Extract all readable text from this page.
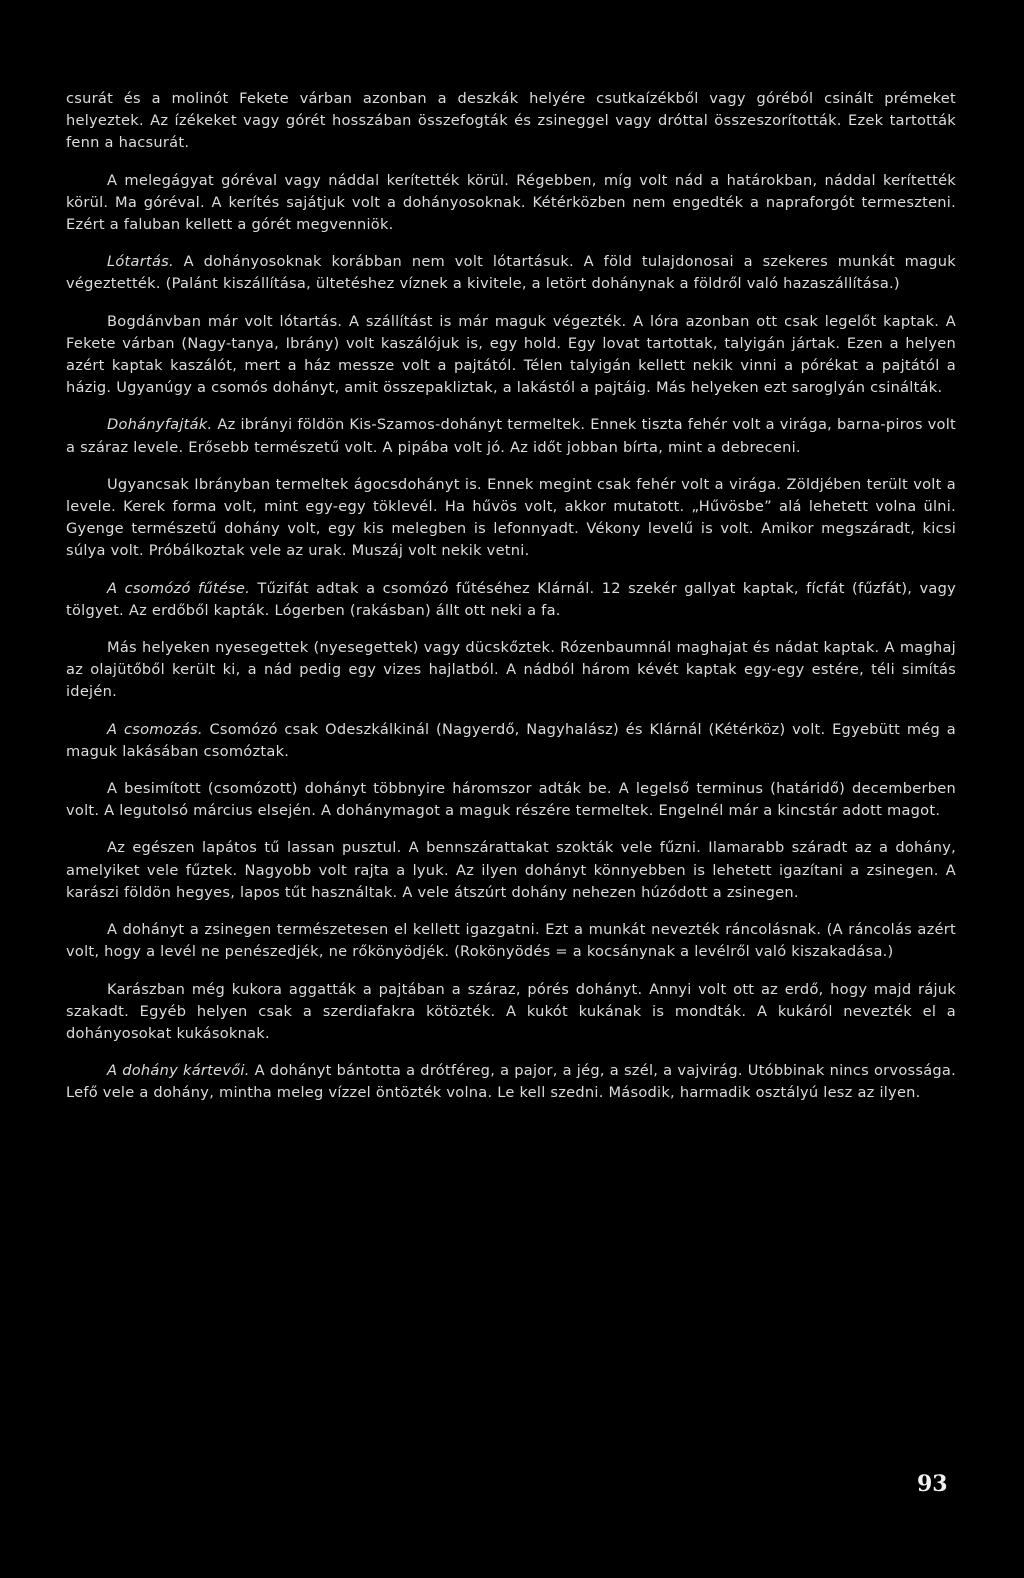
csurát és a molinót Fekete várban azonban a deszkák helyére csutkaízékből vagy góréból csinált prémeket helyeztek. Az ízékeket vagy górét hosszában összefogták és zsineggel vagy dróttal összeszorították. Ezek tartották fenn a hacsurát.

A melegágyat góréval vagy náddal kerítették körül. Régebben, míg volt nád a határokban, náddal kerítették körül. Ma góréval. A kerítés sajátjuk volt a dohányosoknak. Kétérközben nem engedték a napraforgót termeszteni. Ezért a faluban kellett a górét megvenniök.

Lótartás. A dohányosoknak korábban nem volt lótartásuk. A föld tulajdonosai a szekeres munkát maguk végeztették. (Palánt kiszállítása, ültetéshez víznek a kivitele, a letört dohánynak a földről való hazaszállítása.)

Bogdánvban már volt lótartás. A szállítást is már maguk végezték. A lóra azonban ott csak legelőt kaptak. A Fekete várban (Nagy-tanya, Ibrány) volt kaszálójuk is, egy hold. Egy lovat tartottak, talyigán jártak. Ezen a helyen azért kaptak kaszálót, mert a ház messze volt a pajtától. Télen talyigán kellett nekik vinni a pórékat a pajtától a házig. Ugyanúgy a csomós dohányt, amit összepakliztak, a lakástól a pajtáig. Más helyeken ezt saroglyán csinálták.

Dohányfajták. Az ibrányi földön Kis-Szamos-dohányt termeltek. Ennek tiszta fehér volt a virága, barna-piros volt a száraz levele. Erősebb természetű volt. A pipába volt jó. Az időt jobban bírta, mint a debreceni.

Ugyancsak Ibrányban termeltek ágocsdohányt is. Ennek megint csak fehér volt a virága. Zöldjében terült volt a levele. Kerek forma volt, mint egy-egy töklevél. Ha hűvös volt, akkor mutatott. „Hűvösbe” alá lehetett volna ülni. Gyenge természetű dohány volt, egy kis melegben is lefonnyadt. Vékony levelű is volt. Amikor megszáradt, kicsi súlya volt. Próbálkoztak vele az urak. Muszáj volt nekik vetni.

A csomózó fűtése. Tűzifát adtak a csomózó fűtéséhez Klárnál. 12 szekér gallyat kaptak, fícfát (fűzfát), vagy tölgyet. Az erdőből kapták. Lógerben (rakásban) állt ott neki a fa.

Más helyeken nyesegettek (nyesegettek) vagy dücskőztek. Rózenbaumnál maghajat és nádat kaptak. A maghaj az olajütőből került ki, a nád pedig egy vizes hajlatból. A nádból három kévét kaptak egy-egy estére, téli simítás idején.

A csomozás. Csomózó csak Odeszkálkinál (Nagyerdő, Nagyhalász) és Klárnál (Kétérköz) volt. Egyebütt még a maguk lakásában csomóztak.

A besimított (csomózott) dohányt többnyire háromszor adták be. A legelső terminus (határidő) decemberben volt. A legutolsó március elsején. A dohánymagot a maguk részére termeltek. Engelnél már a kincstár adott magot.

Az egészen lapátos tű lassan pusztul. A bennszárattakat szokták vele fűzni. Ilamarabb száradt az a dohány, amelyiket vele fűztek. Nagyobb volt rajta a lyuk. Az ilyen dohányt könnyebben is lehetett igazítani a zsinegen. A karászi földön hegyes, lapos tűt használtak. A vele átszúrt dohány nehezen húzódott a zsinegen.

A dohányt a zsinegen természetesen el kellett igazgatni. Ezt a munkát nevezték ráncolásnak. (A ráncolás azért volt, hogy a levél ne penészedjék, ne rőkönyödjék. (Rokönyödés = a kocsánynak a levélről való kiszakadása.)

Karászban még kukora aggatták a pajtában a száraz, pórés dohányt. Annyi volt ott az erdő, hogy majd rájuk szakadt. Egyéb helyen csak a szerdiafakra kötözték. A kukót kukának is mondták. A kukáról nevezték el a dohányosokat kukásoknak.

A dohány kártevői. A dohányt bántotta a drótféreg, a pajor, a jég, a szél, a vajvirág. Utóbbinak nincs orvossága. Lefő vele a dohány, mintha meleg vízzel öntözték volna. Le kell szedni. Második, harmadik osztályú lesz az ilyen.

93
